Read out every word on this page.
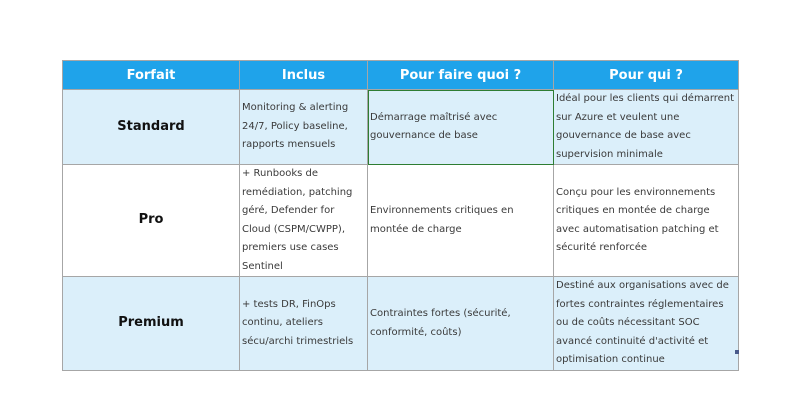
Forfait	Inclus	Pour faire quoi ?	Pour qui ?
Standard	Monitoring & alerting 24/7, Policy baseline, rapports mensuels	Démarrage maîtrisé avec gouvernance de base	Idéal pour les clients qui démarrent sur Azure et veulent une gouvernance de base avec supervision minimale
Pro	+ Runbooks de remédiation, patching géré, Defender for Cloud (CSPM/CWPP), premiers use cases Sentinel	Environnements critiques en montée de charge	Conçu pour les environnements critiques en montée de charge avec automatisation patching et sécurité renforcée
Premium	+ tests DR, FinOps continu, ateliers sécu/archi trimestriels	Contraintes fortes (sécurité, conformité, coûts)	Destiné aux organisations avec de fortes contraintes réglementaires ou de coûts nécessitant SOC avancé continuité d'activité et optimisation continue
